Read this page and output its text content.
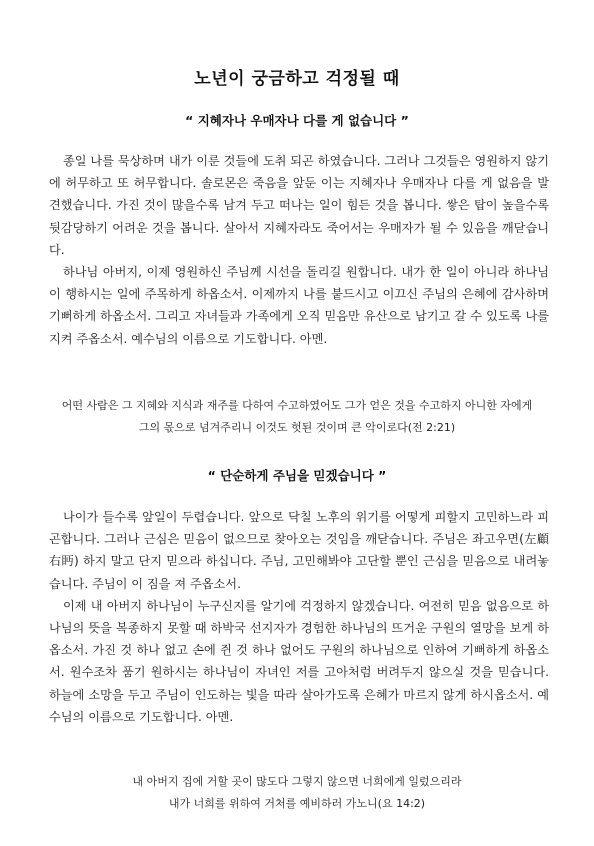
노년이 궁금하고 걱정될 때
“ 지혜자나 우매자나 다를 게 없습니다 ”

종일 나를 묵상하며 내가 이룬 것들에 도취 되곤 하였습니다. 그러나 그것들은 영원하지 않기에 허무하고 또 허무합니다. 솔로몬은 죽음을 앞둔 이는 지혜자나 우매자나 다를 게 없음을 발견했습니다. 가진 것이 많을수록 남겨 두고 떠나는 일이 힘든 것을 봅니다. 쌓은 탑이 높을수록 뒷감당하기 어려운 것을 봅니다. 살아서 지혜자라도 죽어서는 우매자가 될 수 있음을 깨닫습니다.

하나님 아버지, 이제 영원하신 주님께 시선을 돌리길 원합니다. 내가 한 일이 아니라 하나님이 행하시는 일에 주목하게 하옵소서. 이제까지 나를 붙드시고 이끄신 주님의 은혜에 감사하며 기뻐하게 하옵소서. 그리고 자녀들과 가족에게 오직 믿음만 유산으로 남기고 갈 수 있도록 나를 지켜 주옵소서. 예수님의 이름으로 기도합니다. 아멘.

어떤 사람은 그 지혜와 지식과 재주를 다하여 수고하였어도 그가 얻은 것을 수고하지 아니한 자에게
그의 몫으로 넘겨주리니 이것도 헛된 것이며 큰 악이로다(전 2:21)
“ 단순하게 주님을 믿겠습니다 ”

나이가 들수록 앞일이 두렵습니다. 앞으로 닥칠 노후의 위기를 어떻게 피할지 고민하느라 피곤합니다. 그러나 근심은 믿음이 없으므로 찾아오는 것임을 깨닫습니다. 주님은 좌고우면(左顧右眄) 하지 말고 단지 믿으라 하십니다. 주님, 고민해봐야 고단할 뿐인 근심을 믿음으로 내려놓습니다. 주님이 이 짐을 져 주옵소서.

이제 내 아버지 하나님이 누구신지를 알기에 걱정하지 않겠습니다. 여전히 믿음 없음으로 하나님의 뜻을 복종하지 못할 때 하박국 선지자가 경험한 하나님의 뜨거운 구원의 열망을 보게 하옵소서. 가진 것 하나 없고 손에 쥔 것 하나 없어도 구원의 하나님으로 인하여 기뻐하게 하옵소서. 원수조차 품기 원하시는 하나님이 자녀인 저를 고아처럼 버려두지 않으실 것을 믿습니다. 하늘에 소망을 두고 주님이 인도하는 빛을 따라 살아가도록 은혜가 마르지 않게 하시옵소서. 예수님의 이름으로 기도합니다. 아멘.

내 아버지 집에 거할 곳이 많도다 그렇지 않으면 너희에게 일렀으리라
내가 너희를 위하여 거처를 예비하러 가노니(요 14:2)
